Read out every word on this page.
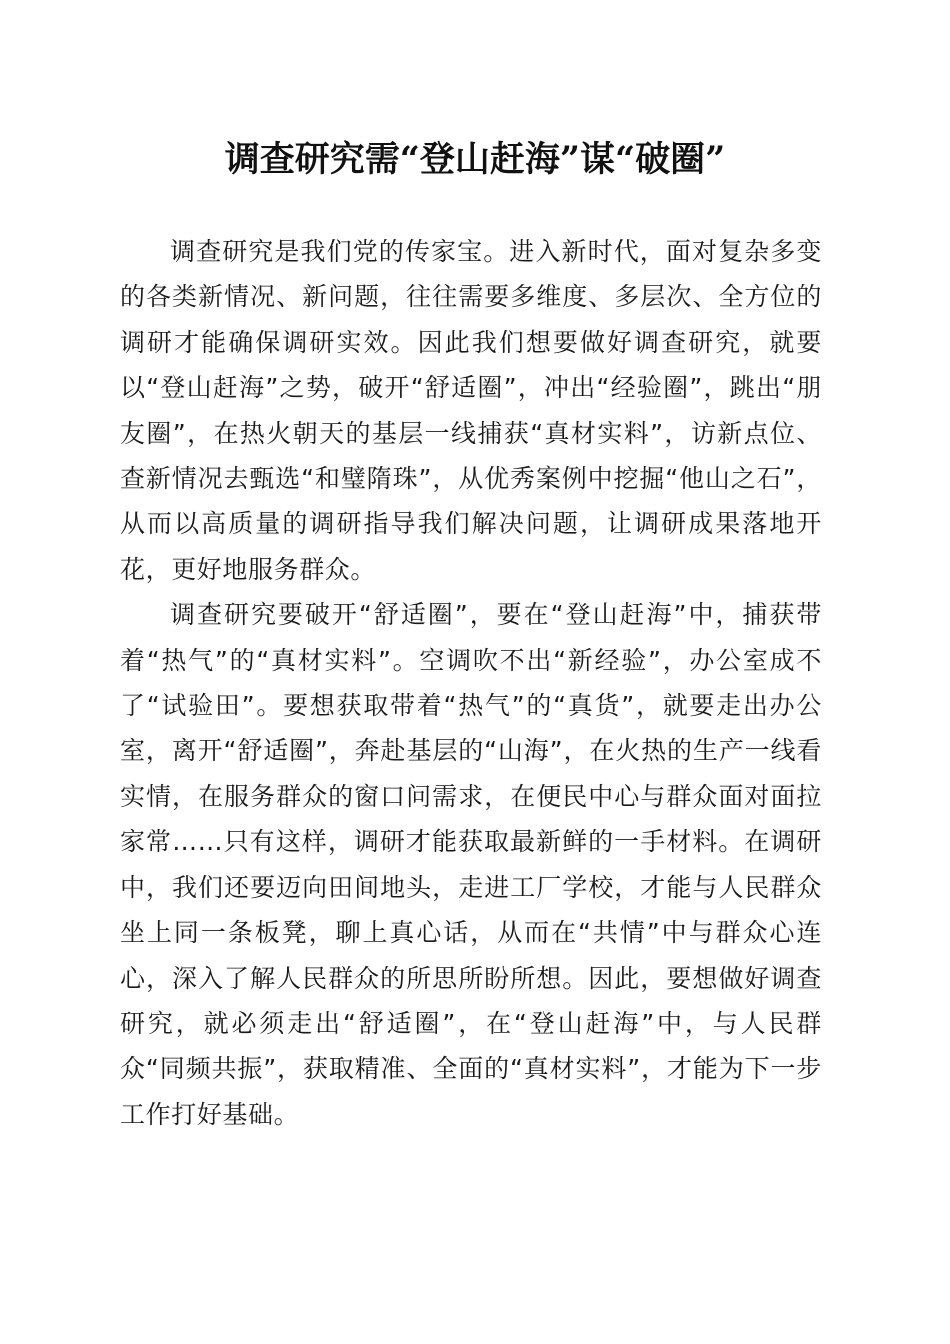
调查研究需“登山赶海”谋“破圈”

调查研究是我们党的传家宝。进入新时代，面对复杂多变的各类新情况、新问题，往往需要多维度、多层次、全方位的调研才能确保调研实效。因此我们想要做好调查研究，就要以“登山赶海”之势，破开“舒适圈”，冲出“经验圈”，跳出“朋友圈”，在热火朝天的基层一线捕获“真材实料”，访新点位、查新情况去甄选“和璧隋珠”，从优秀案例中挖掘“他山之石”，从而以高质量的调研指导我们解决问题，让调研成果落地开花，更好地服务群众。

调查研究要破开“舒适圈”，要在“登山赶海”中，捕获带着“热气”的“真材实料”。空调吹不出“新经验”，办公室成不了“试验田”。要想获取带着“热气”的“真货”，就要走出办公室，离开“舒适圈”，奔赴基层的“山海”，在火热的生产一线看实情，在服务群众的窗口问需求，在便民中心与群众面对面拉家常……只有这样，调研才能获取最新鲜的一手材料。在调研中，我们还要迈向田间地头，走进工厂学校，才能与人民群众坐上同一条板凳，聊上真心话，从而在“共情”中与群众心连心，深入了解人民群众的所思所盼所想。因此，要想做好调查研究，就必须走出“舒适圈”，在“登山赶海”中，与人民群众“同频共振”，获取精准、全面的“真材实料”，才能为下一步工作打好基础。
